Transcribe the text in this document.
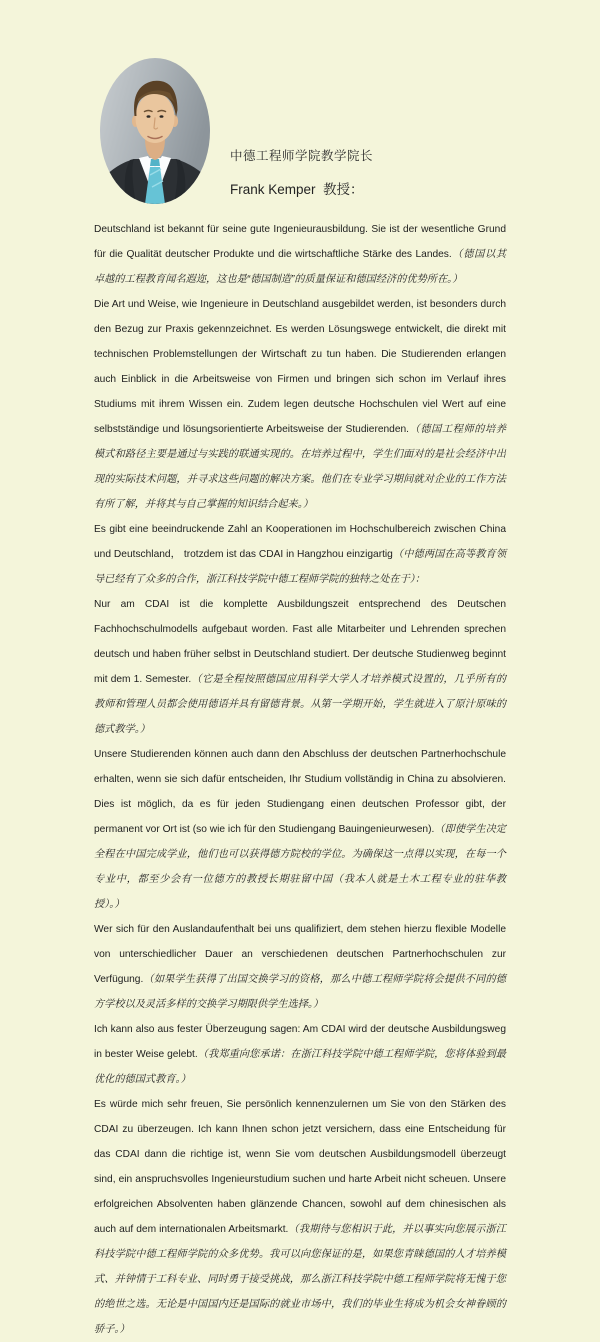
中德工程师学院教学院长
Frank Kemper  教授：

Deutschland ist bekannt für seine gute Ingenieurausbildung. Sie ist der wesentliche Grund für die Qualität deutscher Produkte und die wirtschaftliche Stärke des Landes.（德国以其卓越的工程教育闻名遐迩，这也是“德国制造”的质量保证和德国经济的优势所在。）

Die Art und Weise, wie Ingenieure in Deutschland ausgebildet werden, ist besonders durch den Bezug zur Praxis gekennzeichnet. Es werden Lösungswege entwickelt, die direkt mit technischen Problemstellungen der Wirtschaft zu tun haben. Die Studierenden erlangen auch Einblick in die Arbeitsweise von Firmen und bringen sich schon im Verlauf ihres Studiums mit ihrem Wissen ein. Zudem legen deutsche Hochschulen viel Wert auf eine selbstständige und lösungsorientierte Arbeitsweise der Studierenden.（德国工程师的培养模式和路径主要是通过与实践的联通实现的。在培养过程中，学生们面对的是社会经济中出现的实际技术问题，并寻求这些问题的解决方案。他们在专业学习期间就对企业的工作方法有所了解，并将其与自己掌握的知识结合起来。）

Es gibt eine beeindruckende Zahl an Kooperationen im Hochschulbereich zwischen China und Deutschland， trotzdem ist das CDAI in Hangzhou einzigartig（中德两国在高等教育领导已经有了众多的合作，浙江科技学院中德工程师学院的独特之处在于）：

Nur am CDAI ist die komplette Ausbildungszeit entsprechend des Deutschen Fachhochschulmodells aufgebaut worden. Fast alle Mitarbeiter und Lehrenden sprechen deutsch und haben früher selbst in Deutschland studiert. Der deutsche Studienweg beginnt mit dem 1. Semester.（它是全程按照德国应用科学大学人才培养模式设置的，几乎所有的教师和管理人员都会使用德语并具有留德背景。从第一学期开始，学生就进入了原汁原味的德式教学。）

Unsere Studierenden können auch dann den Abschluss der deutschen Partnerhochschule erhalten, wenn sie sich dafür entscheiden, Ihr Studium vollständig in China zu absolvieren. Dies ist möglich, da es für jeden Studiengang einen deutschen Professor gibt, der permanent vor Ort ist (so wie ich für den Studiengang Bauingenieurwesen).（即使学生决定全程在中国完成学业，他们也可以获得德方院校的学位。为确保这一点得以实现，在每一个专业中，都至少会有一位德方的教授长期驻留中国（我本人就是土木工程专业的驻华教授）。）

Wer sich für den Auslandaufenthalt bei uns qualifiziert, dem stehen hierzu flexible Modelle von unterschiedlicher Dauer an verschiedenen deutschen Partnerhochschulen zur Verfügung.（如果学生获得了出国交换学习的资格，那么中德工程师学院将会提供不同的德方学校以及灵活多样的交换学习期限供学生选择。）

Ich kann also aus fester Überzeugung sagen: Am CDAI wird der deutsche Ausbildungsweg in bester Weise gelebt.（我郑重向您承诺：在浙江科技学院中德工程师学院，您将体验到最优化的德国式教育。）

Es würde mich sehr freuen, Sie persönlich kennenzulernen um Sie von den Stärken des CDAI zu überzeugen. Ich kann Ihnen schon jetzt versichern, dass eine Entscheidung für das CDAI dann die richtige ist, wenn Sie vom deutschen Ausbildungsmodell überzeugt sind, ein anspruchsvolles Ingenieurstudium suchen und harte Arbeit nicht scheuen. Unsere erfolgreichen Absolventen haben glänzende Chancen, sowohl auf dem chinesischen als auch auf dem internationalen Arbeitsmarkt.（我期待与您相识于此，并以事实向您展示浙江科技学院中德工程师学院的众多优势。我可以向您保证的是，如果您青睐德国的人才培养模式、并钟情于工科专业、同时勇于接受挑战，那么浙江科技学院中德工程师学院将无愧于您的绝世之选。无论是中国国内还是国际的就业市场中，我们的毕业生将成为机会女神眷顾的骄子。）
